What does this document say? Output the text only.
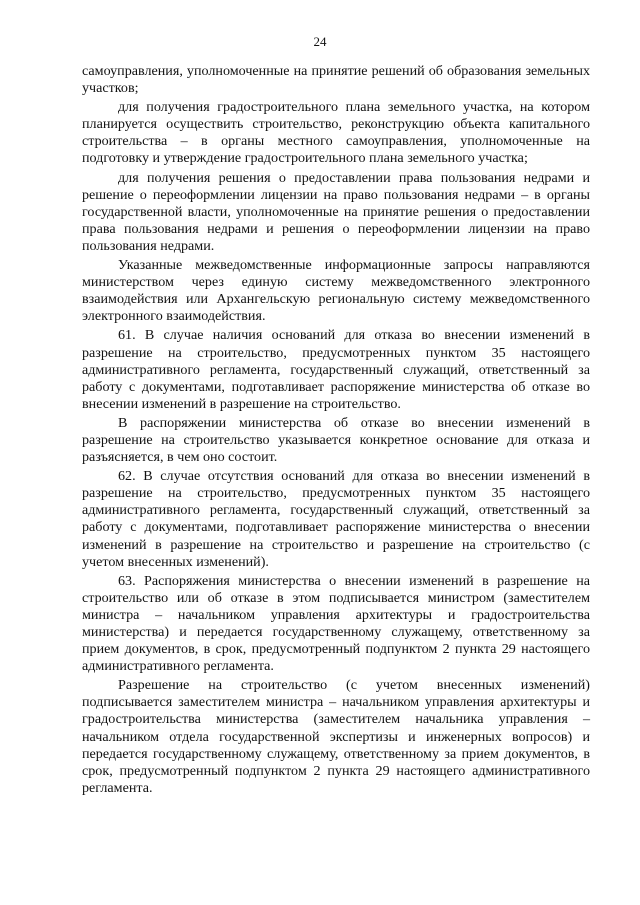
24

самоуправления, уполномоченные на принятие решений об образования земельных участков;

для получения градостроительного плана земельного участка, на котором планируется осуществить строительство, реконструкцию объекта капитального строительства – в органы местного самоуправления, уполномоченные на подготовку и утверждение градостроительного плана земельного участка;

для получения решения о предоставлении права пользования недрами и решение о переоформлении лицензии на право пользования недрами – в органы государственной власти, уполномоченные на принятие решения о предоставлении права пользования недрами и решения о переоформлении лицензии на право пользования недрами.

Указанные межведомственные информационные запросы направляются министерством через единую систему межведомственного электронного взаимодействия или Архангельскую региональную систему межведомственного электронного взаимодействия.

61. В случае наличия оснований для отказа во внесении изменений в разрешение на строительство, предусмотренных пунктом 35 настоящего административного регламента, государственный служащий, ответственный за работу с документами, подготавливает распоряжение министерства об отказе во внесении изменений в разрешение на строительство.

В распоряжении министерства об отказе во внесении изменений в разрешение на строительство указывается конкретное основание для отказа и разъясняется, в чем оно состоит.

62. В случае отсутствия оснований для отказа во внесении изменений в разрешение на строительство, предусмотренных пунктом 35 настоящего административного регламента, государственный служащий, ответственный за работу с документами, подготавливает распоряжение министерства о внесении изменений в разрешение на строительство и разрешение на строительство (с учетом внесенных изменений).

63. Распоряжения министерства о внесении изменений в разрешение на строительство или об отказе в этом подписывается министром (заместителем министра – начальником управления архитектуры и градостроительства министерства) и передается государственному служащему, ответственному за прием документов, в срок, предусмотренный подпунктом 2 пункта 29 настоящего административного регламента.

Разрешение на строительство (с учетом внесенных изменений) подписывается заместителем министра – начальником управления архитектуры и градостроительства министерства (заместителем начальника управления – начальником отдела государственной экспертизы и инженерных вопросов) и передается государственному служащему, ответственному за прием документов, в срок, предусмотренный подпунктом 2 пункта 29 настоящего административного регламента.
